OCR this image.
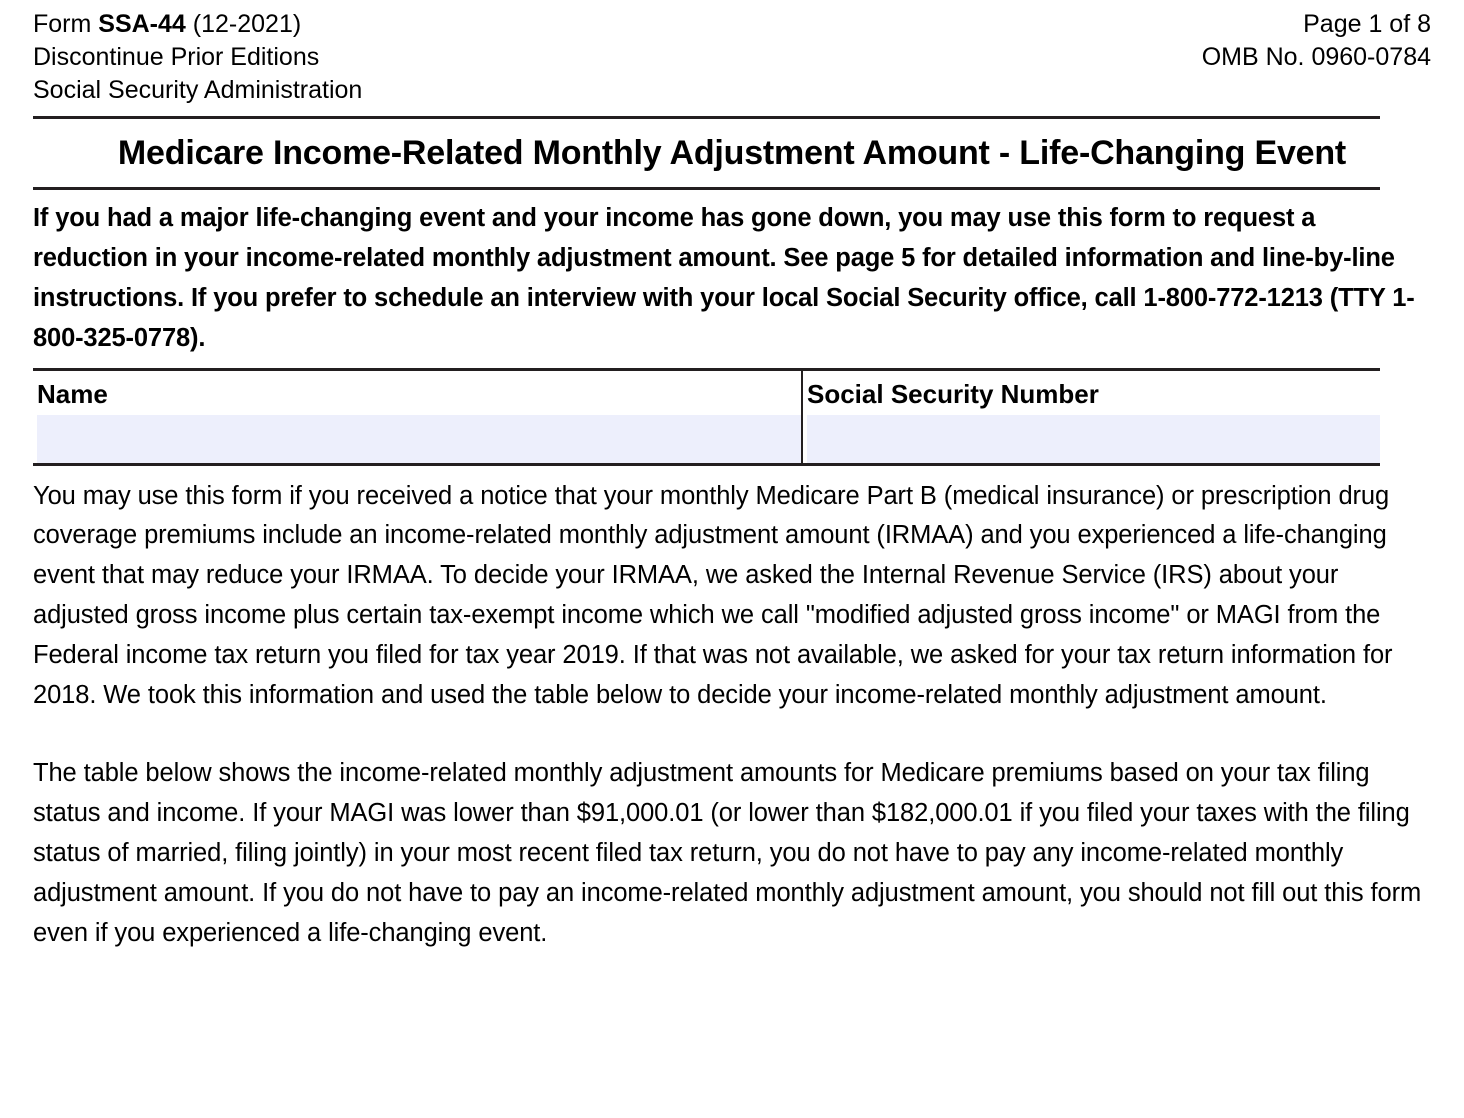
Form SSA-44 (12-2021)
Discontinue Prior Editions
Social Security Administration
Page 1 of 8
OMB No. 0960-0784
Medicare Income-Related Monthly Adjustment Amount - Life-Changing Event

If you had a major life-changing event and your income has gone down, you may use this form to request a reduction in your income-related monthly adjustment amount. See page 5 for detailed information and line-by-line instructions. If you prefer to schedule an interview with your local Social Security office, call 1-800-772-1213 (TTY 1-800-325-0778).

Name	Social Security Number

You may use this form if you received a notice that your monthly Medicare Part B (medical insurance) or prescription drug coverage premiums include an income-related monthly adjustment amount (IRMAA) and you experienced a life-changing event that may reduce your IRMAA. To decide your IRMAA, we asked the Internal Revenue Service (IRS) about your adjusted gross income plus certain tax-exempt income which we call "modified adjusted gross income" or MAGI from the Federal income tax return you filed for tax year 2019. If that was not available, we asked for your tax return information for 2018. We took this information and used the table below to decide your income-related monthly adjustment amount.

The table below shows the income-related monthly adjustment amounts for Medicare premiums based on your tax filing status and income. If your MAGI was lower than $91,000.01 (or lower than $182,000.01 if you filed your taxes with the filing status of married, filing jointly) in your most recent filed tax return, you do not have to pay any income-related monthly adjustment amount. If you do not have to pay an income-related monthly adjustment amount, you should not fill out this form even if you experienced a life-changing event.
